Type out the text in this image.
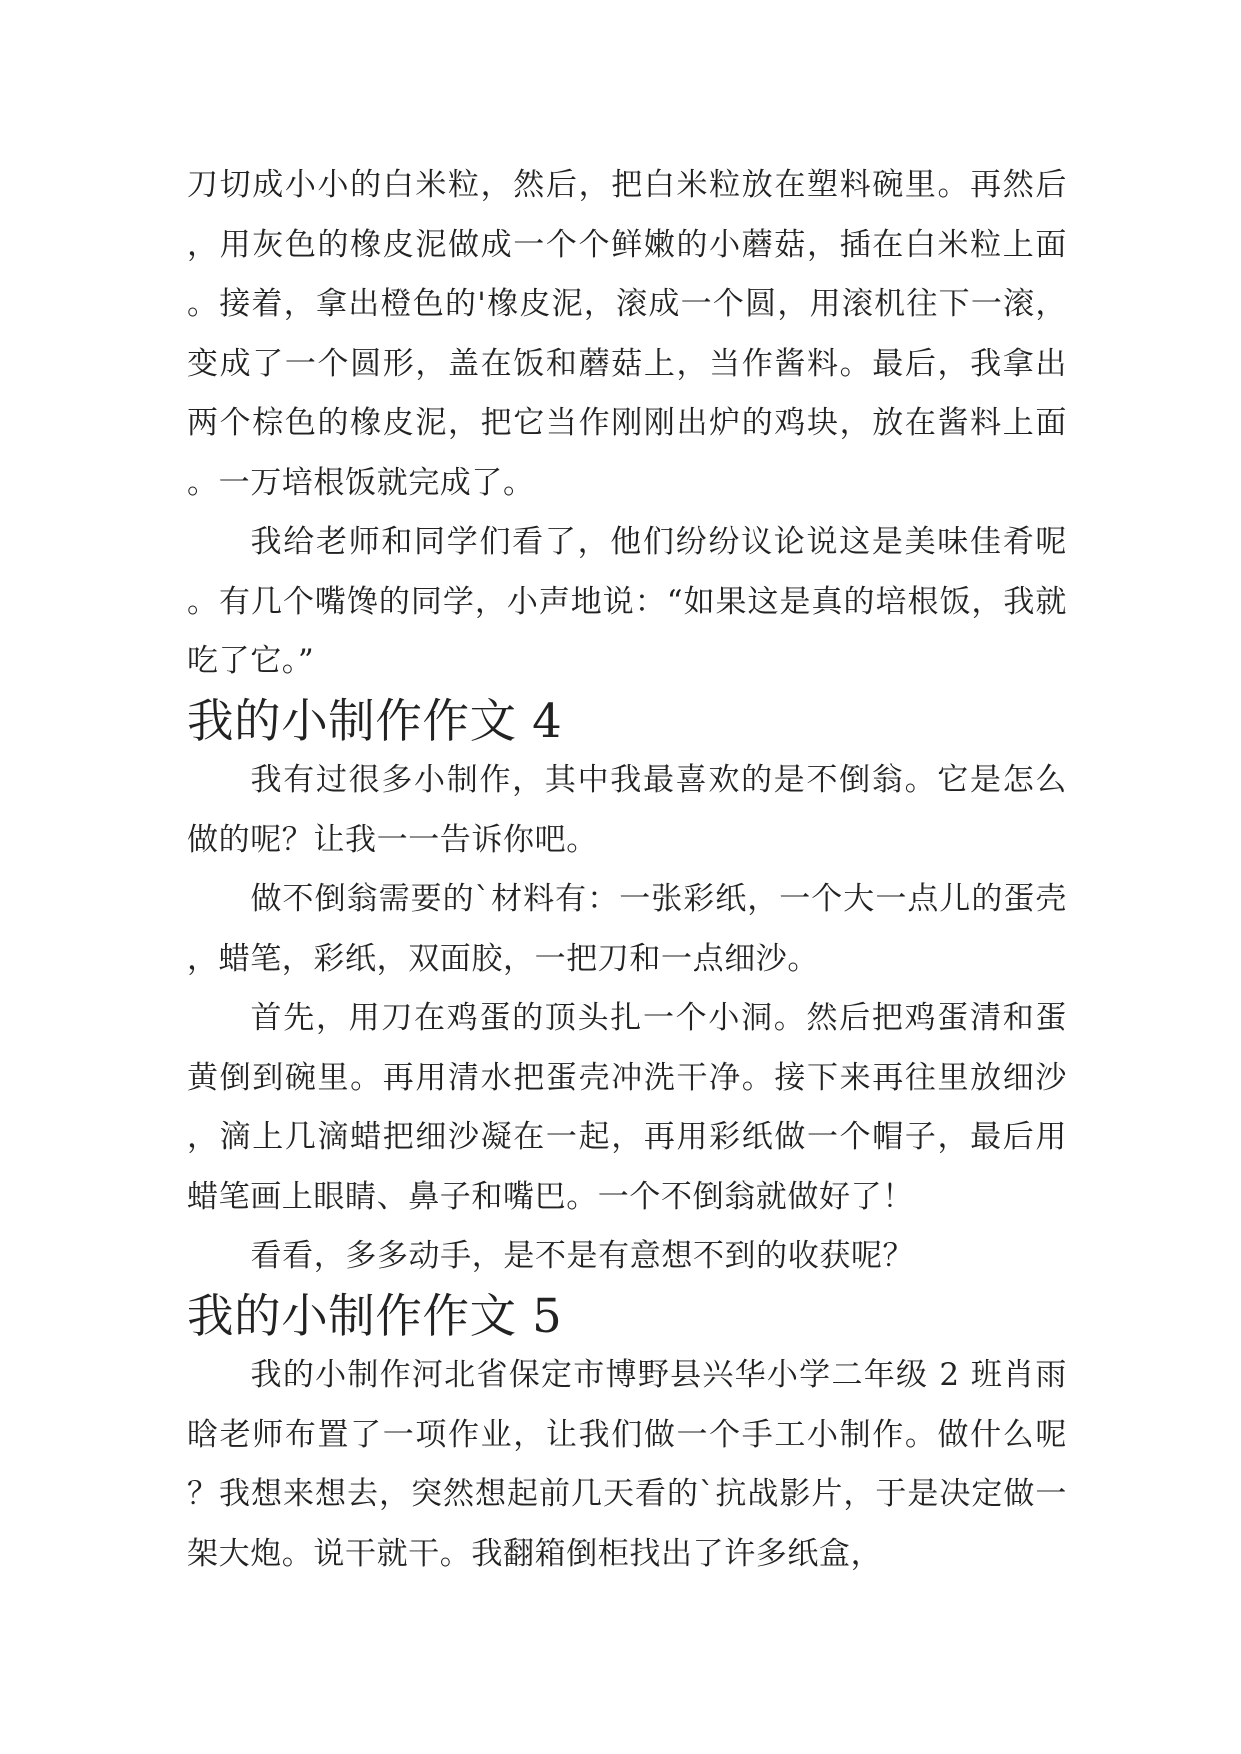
刀切成小小的白米粒，然后，把白米粒放在塑料碗里。再然后，用灰色的橡皮泥做成一个个鲜嫩的小蘑菇，插在白米粒上面。接着，拿出橙色的'橡皮泥，滚成一个圆，用滚机往下一滚，变成了一个圆形，盖在饭和蘑菇上，当作酱料。最后，我拿出两个棕色的橡皮泥，把它当作刚刚出炉的鸡块，放在酱料上面。一万培根饭就完成了。

我给老师和同学们看了，他们纷纷议论说这是美味佳肴呢。有几个嘴馋的同学，小声地说：“如果这是真的培根饭，我就吃了它。”

我的小制作作文 4

我有过很多小制作，其中我最喜欢的是不倒翁。它是怎么做的呢？让我一一告诉你吧。

做不倒翁需要的`材料有：一张彩纸，一个大一点儿的蛋壳，蜡笔，彩纸，双面胶，一把刀和一点细沙。

首先，用刀在鸡蛋的顶头扎一个小洞。然后把鸡蛋清和蛋黄倒到碗里。再用清水把蛋壳冲洗干净。接下来再往里放细沙，滴上几滴蜡把细沙凝在一起，再用彩纸做一个帽子，最后用蜡笔画上眼睛、鼻子和嘴巴。一个不倒翁就做好了！

看看，多多动手，是不是有意想不到的收获呢？

我的小制作作文 5

我的小制作河北省保定市博野县兴华小学二年级 2 班肖雨晗老师布置了一项作业，让我们做一个手工小制作。做什么呢？我想来想去，突然想起前几天看的`抗战影片，于是决定做一架大炮。说干就干。我翻箱倒柜找出了许多纸盒，
